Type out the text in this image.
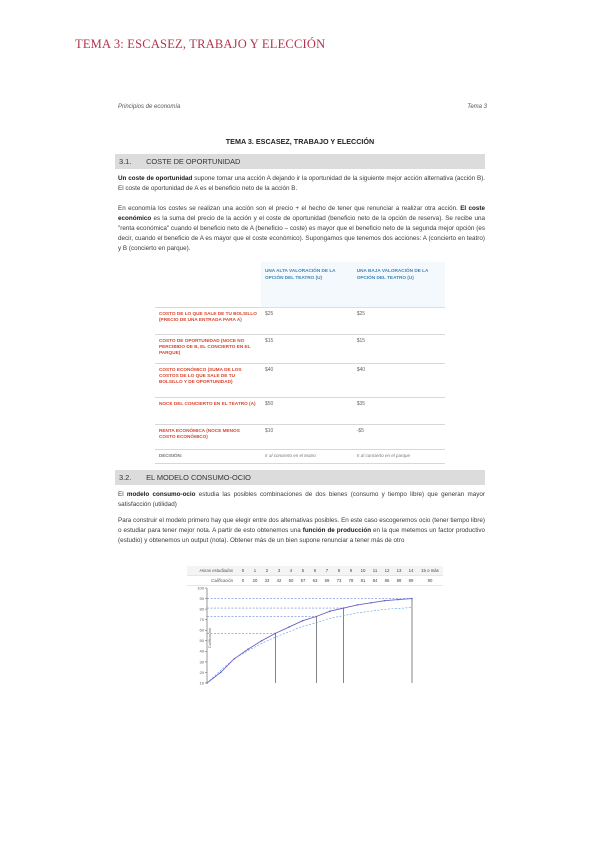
TEMA 3: ESCASEZ, TRABAJO Y ELECCIÓN
Principios de economía	Tema 3
TEMA 3. ESCASEZ, TRABAJO Y ELECCIÓN
3.1. COSTE DE OPORTUNIDAD
Un coste de oportunidad supone tomar una acción A dejando ir la oportunidad de la siguiente mejor acción alternativa (acción B). El coste de oportunidad de A es el beneficio neto de la acción B.
En economía los costes se realizan una acción son el precio + el hecho de tener que renunciar a realizar otra acción. El coste económico es la suma del precio de la acción y el coste de oportunidad (beneficio neto de la opción de reserva). Se recibe una "renta económica" cuando el beneficio neto de A (beneficio – coste) es mayor que el beneficio neto de la segunda mejor opción (es decir, cuando el beneficio de A es mayor que el coste económico). Supongamos que tenemos dos acciones: A (concierto en teatro) y B (concierto en parque).
	UNA ALTA VALORACIÓN DE LA OPCIÓN DEL TEATRO (U)	UNA BAJA VALORACIÓN DE LA OPCIÓN DEL TEATRO (U)
COSTO DE LO QUE SALE DE TU BOLSILLO (PRECIO DE UNA ENTRADA PARA A)	$25	$25
COSTO DE OPORTUNIDAD (NOCE NO PERCIBIDO DE B, EL CONCIERTO EN EL PARQUE)	$15	$15
COSTO ECONÓMICO (SUMA DE LOS COSTOS DE LO QUE SALE DE TU BOLSILLO Y DE OPORTUNIDAD)	$40	$40
NOCE DEL CONCIERTO EN EL TEATRO (A)	$50	$35
RENTA ECONÓMICA (NOCE MENOS COSTO ECONÓMICO)	$10	-$5
DECISIÓN:	Ir al concierto en el teatro	Ir al concierto en el parque
3.2. EL MODELO CONSUMO-OCIO
El modelo consumo-ocio estudia las posibles combinaciones de dos bienes (consumo y tiempo libre) que generan mayor satisfacción (utilidad)
Para construir el modelo primero hay que elegir entre dos alternativas posibles. En este caso escogeremos ocio (tener tiempo libre) o estudiar para tener mejor nota. A partir de esto obtenemos una función de producción en la que metemos un factor productivo (estudio) y obtenemos un output (nota). Obtener más de un bien supone renunciar a tener más de otro
Horas estudiadas	0	1	2	3	4	5	6	7	8	9	10	11	12	13	14	15 o más
Calificación	0	20	33	42	50	57	63	69	73	78	81	84	86	88	89	90
100
90
80
70
60
50
40
30
20
10
Calificación
